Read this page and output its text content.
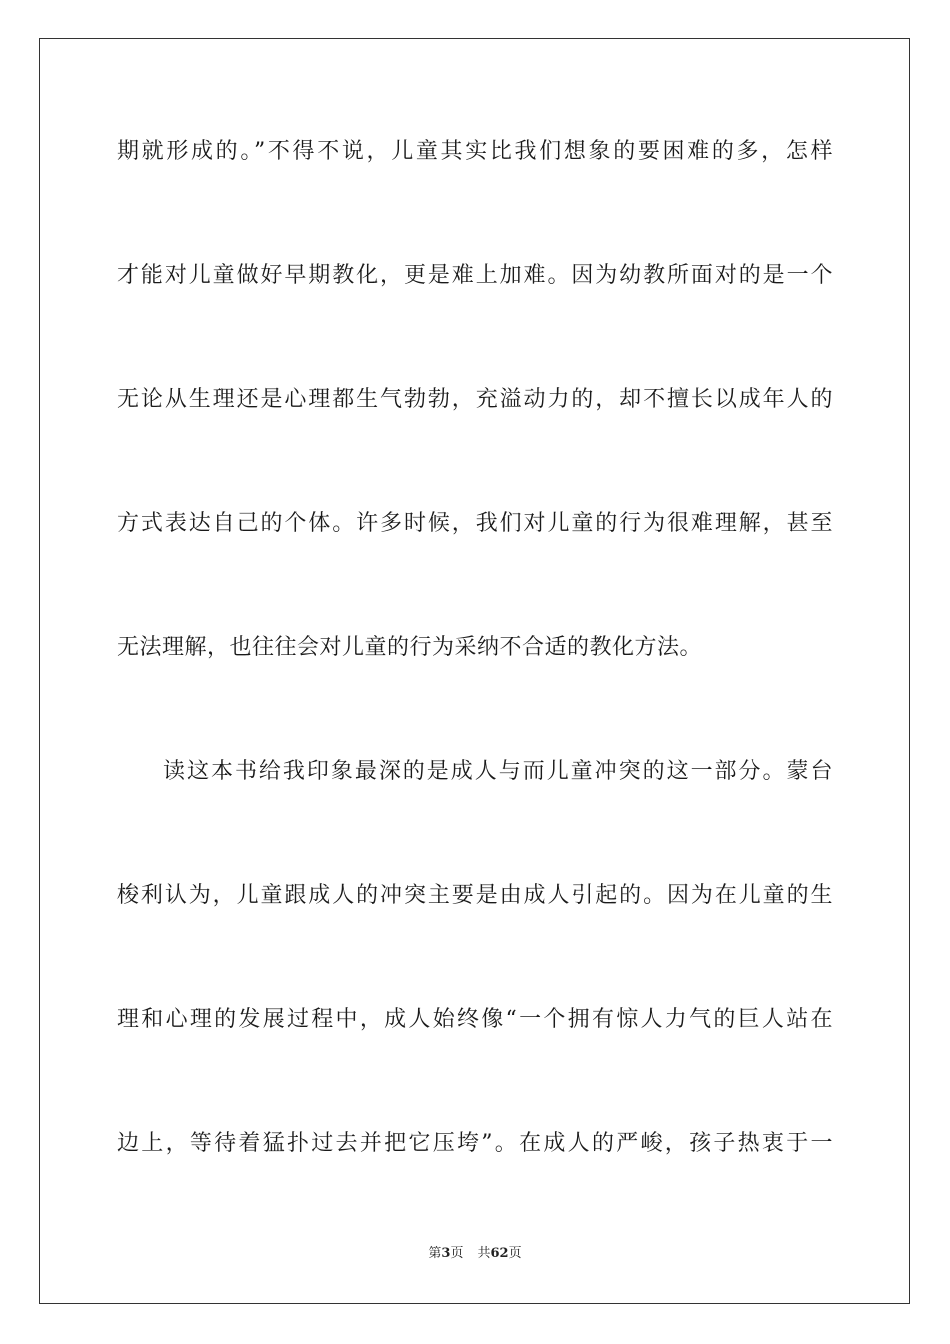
期就形成的。”不得不说，儿童其实比我们想象的要困难的多，怎样
才能对儿童做好早期教化，更是难上加难。因为幼教所面对的是一个
无论从生理还是心理都生气勃勃，充溢动力的，却不擅长以成年人的
方式表达自己的个体。许多时候，我们对儿童的行为很难理解，甚至
无法理解，也往往会对儿童的行为采纳不合适的教化方法。
读这本书给我印象最深的是成人与而儿童冲突的这一部分。蒙台
梭利认为，儿童跟成人的冲突主要是由成人引起的。因为在儿童的生
理和心理的发展过程中，成人始终像“一个拥有惊人力气的巨人站在
边上，等待着猛扑过去并把它压垮”。在成人的严峻，孩子热衷于一
第3页 共62页
